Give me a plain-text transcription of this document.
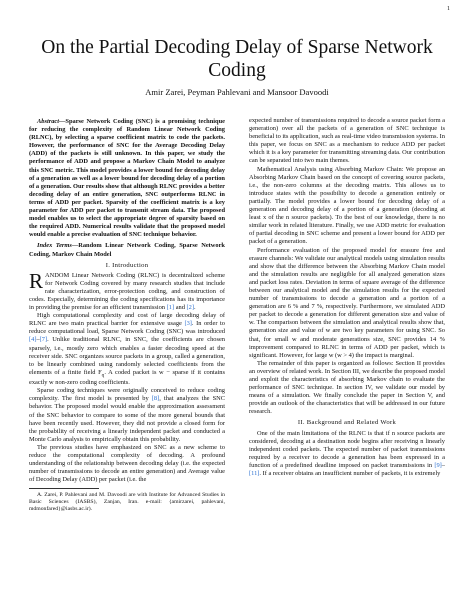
1
On the Partial Decoding Delay of Sparse Network Coding
Amir Zarei, Peyman Pahlevani and Mansoor Davoodi

Abstract—Sparse Network Coding (SNC) is a promising technique for reducing the complexity of Random Linear Network Coding (RLNC), by selecting a sparse coefficient matrix to code the packets. However, the performance of SNC for the Average Decoding Delay (ADD) of the packets is still unknown. In this paper, we study the performance of ADD and propose a Markov Chain Model to analyze this SNC metric. This model provides a lower bound for decoding delay of a generation as well as a lower bound for decoding delay of a portion of a generation. Our results show that although RLNC provides a better decoding delay of an entire generation, SNC outperforms RLNC in terms of ADD per packet. Sparsity of the coefficient matrix is a key parameter for ADD per packet to transmit stream data. The proposed model enables us to select the appropriate degree of sparsity based on the required ADD. Numerical results validate that the proposed model would enable a precise evaluation of SNC technique behavior.

Index Terms—Random Linear Network Coding, Sparse Network Coding, Markov Chain Model

I. Introduction

RANDOM Linear Network Coding (RLNC) is decentralized scheme for Network Coding covered by many research studies that include rate characterization, error-protection coding, and construction of codes. Especially, determining the coding specifications has its importance in providing the premise for an efficient transmission [1] and [2].

High computational complexity and cost of large decoding delay of RLNC are two main practical barrier for extensive usage [3]. In order to reduce computational load, Sparse Network Coding (SNC) was introduced [4]–[7]. Unlike traditional RLNC, in SNC, the coefficients are chosen sparsely, i.e., mostly zero which enables a faster decoding speed at the receiver side. SNC organizes source packets in a group, called a generation, to be linearly combined using randomly selected coefficients from the elements of a finite field $F_q$. A coded packet is w − sparse if it contains exactly w non-zero coding coefficients.

Sparse coding techniques were originally conceived to reduce coding complexity. The first model is presented by [8], that analyzes the SNC behavior. The proposed model would enable the approximation assessment of the SNC behavior to compare to some of the more general bounds that have been recently used. However, they did not provide a closed form for the probability of receiving a linearly independent packet and conducted a Monte Carlo analysis to empirically obtain this probability.

The previous studies have emphasized on SNC as a new scheme to reduce the computational complexity of decoding. A profound understanding of the relationship between decoding delay (i.e. the expected number of transmissions to decode an entire generation) and Average value of Decoding Delay (ADD) per packet (i.e. the

A. Zarei, P. Pahlevani and M. Davoodi are with Institute for Advanced Studies in Basic Sciences (IASBS), Zanjan, Iran. e-mail: {amirzarei, pahlevani, mdmonfared}@iasbs.ac.ir).

expected number of transmissions required to decode a source packet form a generation) over all the packets of a generation of SNC technique is beneficial to its application, such as real-time video transmission systems. In this paper, we focus on SNC as a mechanism to reduce ADD per packet which it is a key parameter for transmitting streaming data. Our contribution can be separated into two main themes.

Mathematical Analysis using Absorbing Markov Chain: We propose an Absorbing Markov Chain based on the concept of covering source packets, i.e., the non-zero columns at the decoding matrix. This allows us to introduce states with the possibility to decode a generation entirely or partially. The model provides a lower bound for decoding delay of a generation and decoding delay of a portion of a generation (decoding at least x of the n source packets). To the best of our knowledge, there is no similar work in related literature. Finally, we use ADD metric for evaluation of partial decoding in SNC scheme and present a lower bound for ADD per packet of a generation.

Performance evaluation of the proposed model for erasure free and erasure channels: We validate our analytical models using simulation results and show that the difference between the Absorbing Markov Chain model and the simulation results are negligible for all analyzed generation sizes and packet loss rates. Deviation in terms of square average of the difference between our analytical model and the simulation results for the expected number of transmissions to decode a generation and a portion of a generation are 6 % and 7 %, respectively. Furthermore, we simulated ADD per packet to decode a generation for different generation size and value of w. The comparison between the simulation and analytical results show that, generation size and value of w are two key parameters for using SNC. So that, for small w and moderate generations size, SNC provides 14 % improvement compared to RLNC in terms of ADD per packet, which is significant. However, for large w (w > 4) the impact is marginal.

The remainder of this paper is organized as follows: Section II provides an overview of related work. In Section III, we describe the proposed model and exploit the characteristics of absorbing Markov chain to evaluate the performance of SNC technique. In section IV, we validate our model by means of a simulation. We finally conclude the paper in Section V, and provide an outlook of the characteristics that will be addressed in our future research.

II. Background and Related Work

One of the main limitations of the RLNC is that if n source packets are considered, decoding at a destination node begins after receiving n linearly independent coded packets. The expected number of packet transmissions required by a receiver to decode a generation has been expressed in a function of a predefined deadline imposed on packet transmissions in [9]–[11]. If a receiver obtains an insufficient number of packets, it is extremely
